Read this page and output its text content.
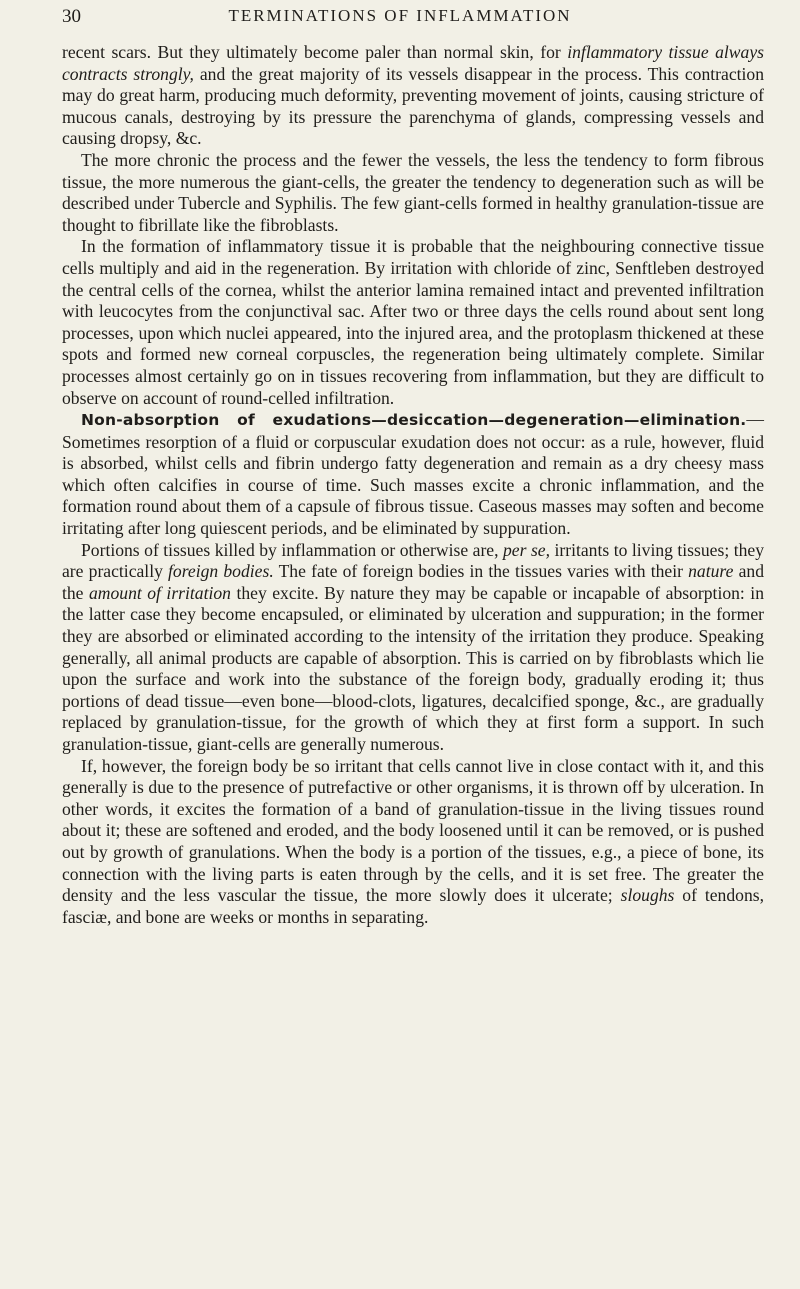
30	TERMINATIONS OF INFLAMMATION

recent scars. But they ultimately become paler than normal skin, for inflammatory tissue always contracts strongly, and the great majority of its vessels disappear in the process. This contraction may do great harm, producing much deformity, preventing movement of joints, causing stricture of mucous canals, destroying by its pressure the parenchyma of glands, compressing vessels and causing dropsy, &c.

The more chronic the process and the fewer the vessels, the less the tendency to form fibrous tissue, the more numerous the giant-cells, the greater the tendency to degeneration such as will be described under Tubercle and Syphilis. The few giant-cells formed in healthy granulation-tissue are thought to fibrillate like the fibroblasts.

In the formation of inflammatory tissue it is probable that the neighbouring connective tissue cells multiply and aid in the regeneration. By irritation with chloride of zinc, Senftleben destroyed the central cells of the cornea, whilst the anterior lamina remained intact and prevented infiltration with leucocytes from the conjunctival sac. After two or three days the cells round about sent long processes, upon which nuclei appeared, into the injured area, and the protoplasm thickened at these spots and formed new corneal corpuscles, the regeneration being ultimately complete. Similar processes almost certainly go on in tissues recovering from inflammation, but they are difficult to observe on account of round-celled infiltration.

Non-absorption of exudations—desiccation—degeneration—elimination.—Sometimes resorption of a fluid or corpuscular exudation does not occur: as a rule, however, fluid is absorbed, whilst cells and fibrin undergo fatty degeneration and remain as a dry cheesy mass which often calcifies in course of time. Such masses excite a chronic inflammation, and the formation round about them of a capsule of fibrous tissue. Caseous masses may soften and become irritating after long quiescent periods, and be eliminated by suppuration.

Portions of tissues killed by inflammation or otherwise are, per se, irritants to living tissues; they are practically foreign bodies. The fate of foreign bodies in the tissues varies with their nature and the amount of irritation they excite. By nature they may be capable or incapable of absorption: in the latter case they become encapsuled, or eliminated by ulceration and suppuration; in the former they are absorbed or eliminated according to the intensity of the irritation they produce. Speaking generally, all animal products are capable of absorption. This is carried on by fibroblasts which lie upon the surface and work into the substance of the foreign body, gradually eroding it; thus portions of dead tissue—even bone—blood-clots, ligatures, decalcified sponge, &c., are gradually replaced by granulation-tissue, for the growth of which they at first form a support. In such granulation-tissue, giant-cells are generally numerous.

If, however, the foreign body be so irritant that cells cannot live in close contact with it, and this generally is due to the presence of putrefactive or other organisms, it is thrown off by ulceration. In other words, it excites the formation of a band of granulation-tissue in the living tissues round about it; these are softened and eroded, and the body loosened until it can be removed, or is pushed out by growth of granulations. When the body is a portion of the tissues, e.g., a piece of bone, its connection with the living parts is eaten through by the cells, and it is set free. The greater the density and the less vascular the tissue, the more slowly does it ulcerate; sloughs of tendons, fasciæ, and bone are weeks or months in separating.
